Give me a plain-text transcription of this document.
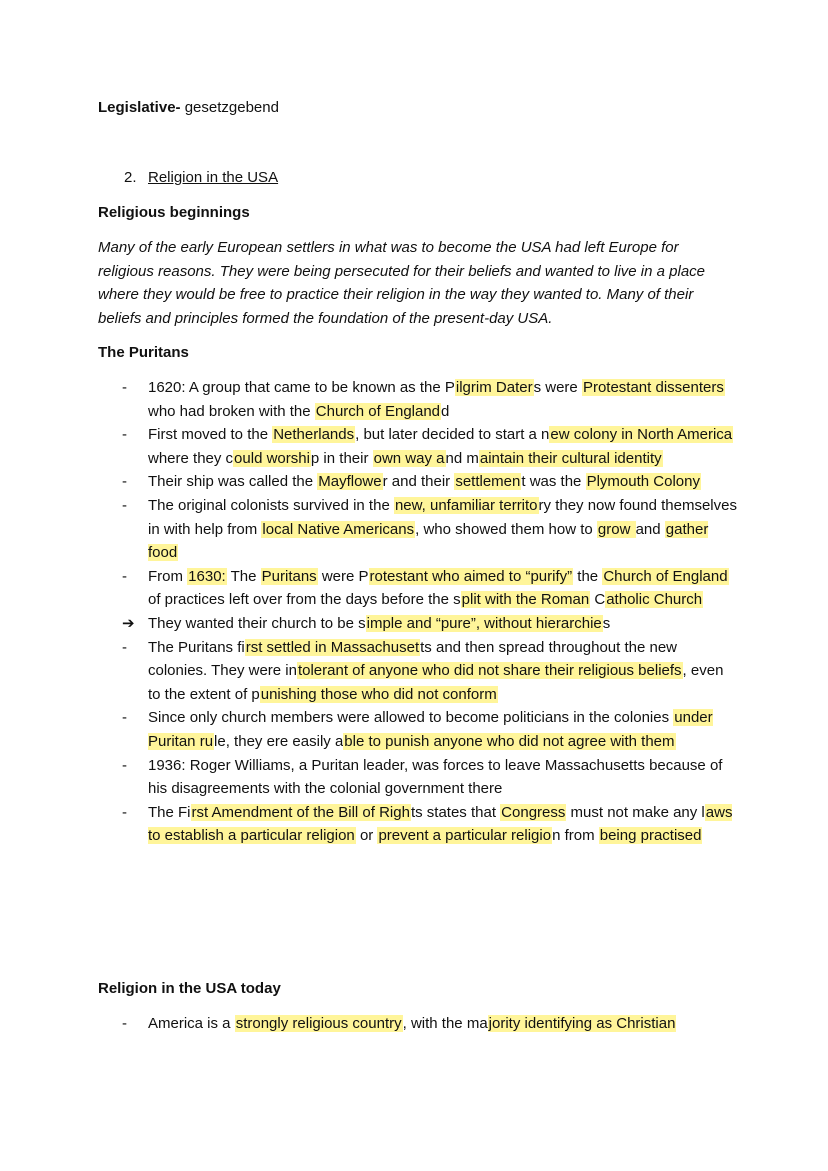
Legislative- gesetzgebend
2. Religion in the USA
Religious beginnings
Many of the early European settlers in what was to become the USA had left Europe for religious reasons. They were being persecuted for their beliefs and wanted to live in a place where they would be free to practice their religion in the way they wanted to. Many of their beliefs and principles formed the foundation of the present-day USA.
The Puritans
- 1620: A group that came to be known as the Pilgrim Daters were Protestant dissenters who had broken with the Church of Englandd
- First moved to the Netherlands, but later decided to start a new colony in North America where they could worship in their own way and maintain their cultural identity
- Their ship was called the Mayflower and their settlement was the Plymouth Colony
- The original colonists survived in the new, unfamiliar territory they now found themselves in with help from local Native Americans, who showed them how to grow and gather food
- From 1630: The Puritans were Protestant who aimed to “purify” the Church of England of practices left over from the days before the split with the Roman Catholic Church
➔ They wanted their church to be simple and “pure”, without hierarchies
- The Puritans first settled in Massachusetts and then spread throughout the new colonies. They were intolerant of anyone who did not share their religious beliefs, even to the extent of punishing those who did not conform
- Since only church members were allowed to become politicians in the colonies under Puritan rule, they ere easily able to punish anyone who did not agree with them
- 1936: Roger Williams, a Puritan leader, was forces to leave Massachusetts because of his disagreements with the colonial government there
- The First Amendment of the Bill of Rights states that Congress must not make any laws to establish a particular religion or prevent a particular religion from being practised
Religion in the USA today
- America is a strongly religious country, with the majority identifying as Christian
